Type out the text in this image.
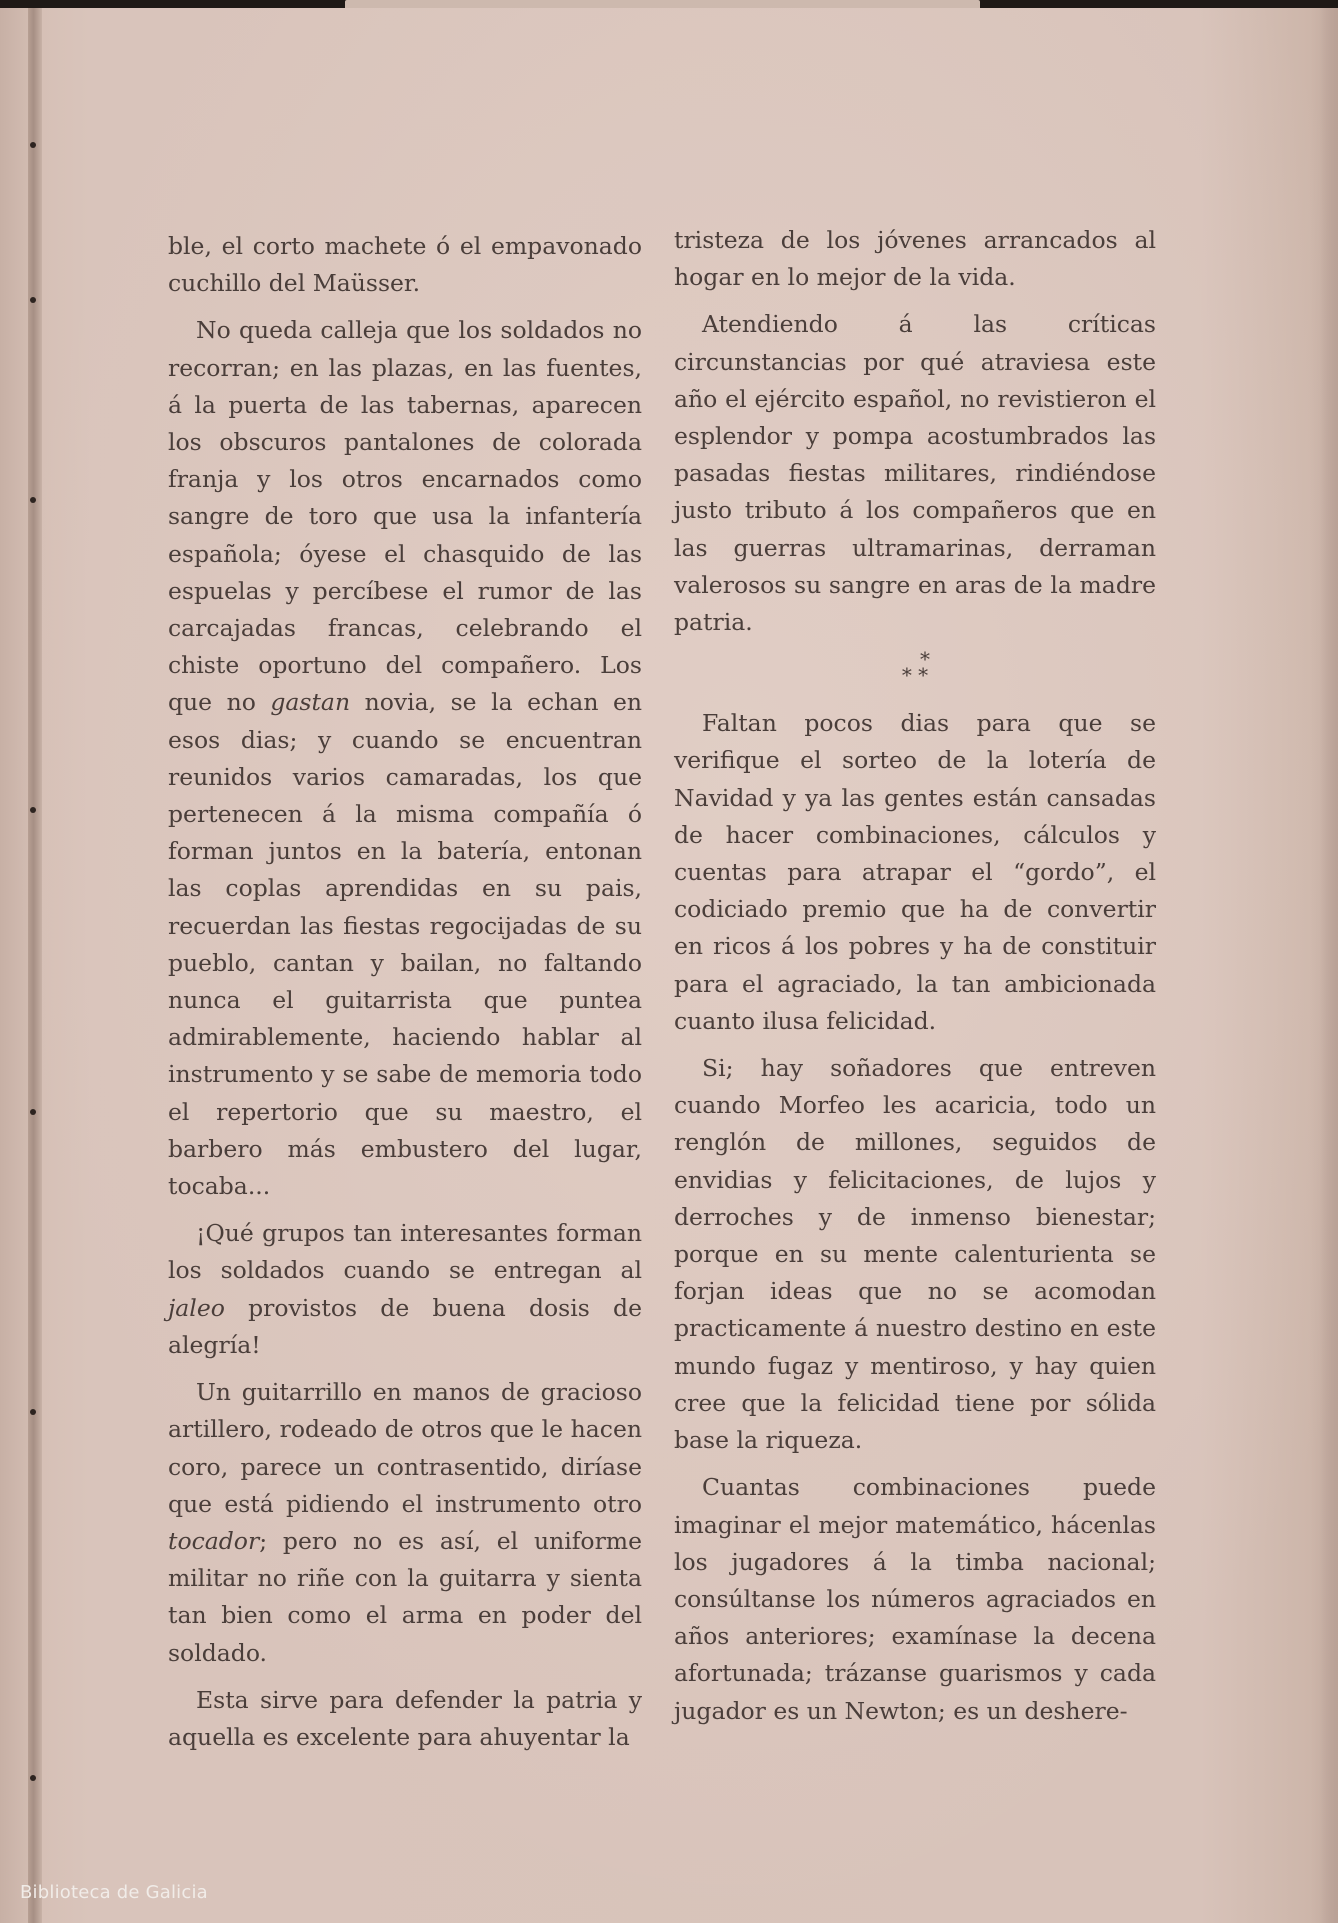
ble, el corto machete ó el empavonado cuchillo del Maüsser.

No queda calleja que los soldados no recorran; en las plazas, en las fuentes, á la puerta de las tabernas, aparecen los obscuros pantalones de colorada franja y los otros encarnados como sangre de toro que usa la infantería española; óyese el chasquido de las espuelas y percíbese el rumor de las carcajadas francas, celebrando el chiste oportuno del compañero. Los que no gastan novia, se la echan en esos dias; y cuando se encuentran reunidos varios camaradas, los que pertenecen á la misma compañía ó forman juntos en la batería, entonan las coplas aprendidas en su pais, recuerdan las fiestas regocijadas de su pueblo, cantan y bailan, no faltando nunca el guitarrista que puntea admirablemente, haciendo hablar al instrumento y se sabe de memoria todo el repertorio que su maestro, el barbero más embustero del lugar, tocaba...

¡Qué grupos tan interesantes forman los soldados cuando se entregan al jaleo provistos de buena dosis de alegría!

Un guitarrillo en manos de gracioso artillero, rodeado de otros que le hacen coro, parece un contrasentido, diríase que está pidiendo el instrumento otro tocador; pero no es así, el uniforme militar no riñe con la guitarra y sienta tan bien como el arma en poder del soldado.

Esta sirve para defender la patria y aquella es excelente para ahuyentar la

tristeza de los jóvenes arrancados al hogar en lo mejor de la vida.

Atendiendo á las críticas circunstancias por qué atraviesa este año el ejército español, no revistieron el esplendor y pompa acostumbrados las pasadas fiestas militares, rindiéndose justo tributo á los compañeros que en las guerras ultramarinas, derraman valerosos su sangre en aras de la madre patria.

*
* *

Faltan pocos dias para que se verifique el sorteo de la lotería de Navidad y ya las gentes están cansadas de hacer combinaciones, cálculos y cuentas para atrapar el “gordo”, el codiciado premio que ha de convertir en ricos á los pobres y ha de constituir para el agraciado, la tan ambicionada cuanto ilusa felicidad.

Si; hay soñadores que entreven cuando Morfeo les acaricia, todo un renglón de millones, seguidos de envidias y felicitaciones, de lujos y derroches y de inmenso bienestar; porque en su mente calenturienta se forjan ideas que no se acomodan practicamente á nuestro destino en este mundo fugaz y mentiroso, y hay quien cree que la felicidad tiene por sólida base la riqueza.

Cuantas combinaciones puede imaginar el mejor matemático, hácenlas los jugadores á la timba nacional; consúltanse los números agraciados en años anteriores; examínase la decena afortunada; trázanse guarismos y cada jugador es un Newton; es un deshere-

Biblioteca de Galicia
